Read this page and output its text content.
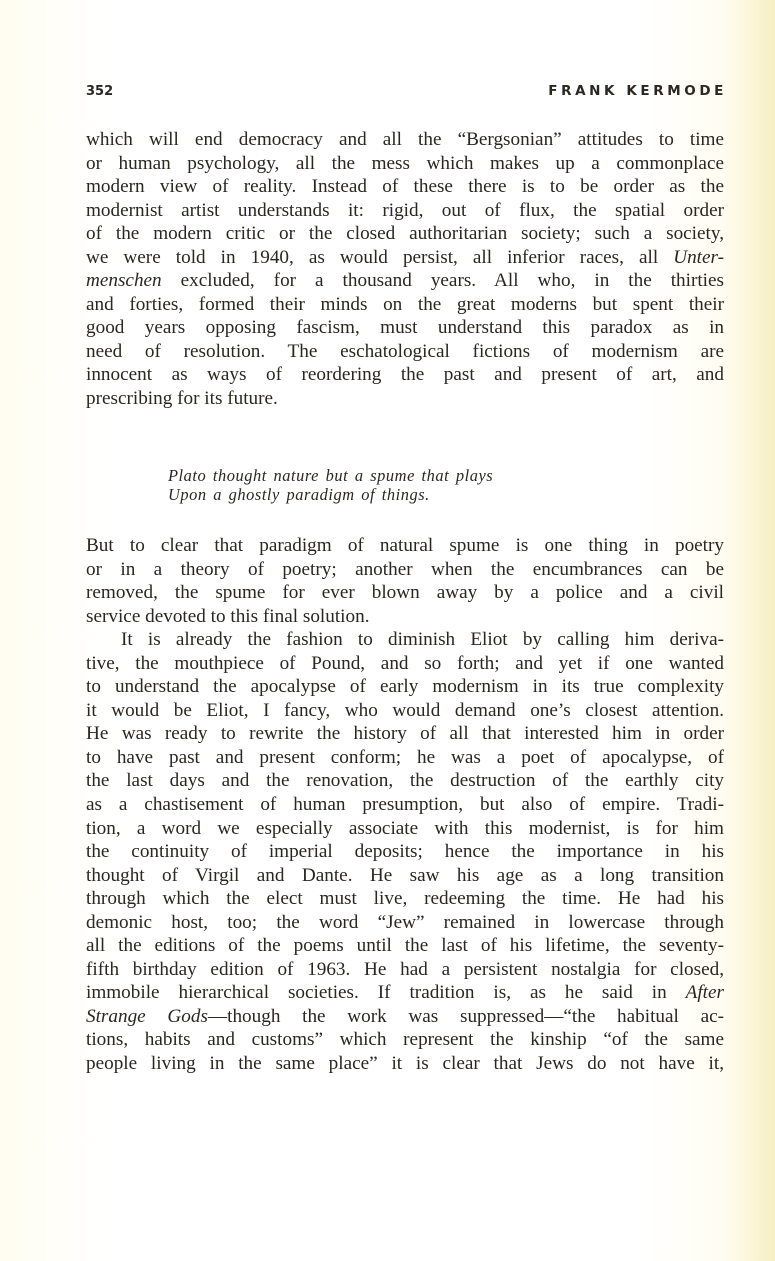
352	FRANK KERMODE
which will end democracy and all the “Bergsonian” attitudes to time
or human psychology, all the mess which makes up a commonplace
modern view of reality. Instead of these there is to be order as the
modernist artist understands it: rigid, out of flux, the spatial order
of the modern critic or the closed authoritarian society; such a society,
we were told in 1940, as would persist, all inferior races, all Unter-
menschen excluded, for a thousand years. All who, in the thirties
and forties, formed their minds on the great moderns but spent their
good years opposing fascism, must understand this paradox as in
need of resolution. The eschatological fictions of modernism are
innocent as ways of reordering the past and present of art, and
prescribing for its future.
Plato thought nature but a spume that plays
Upon a ghostly paradigm of things.
But to clear that paradigm of natural spume is one thing in poetry
or in a theory of poetry; another when the encumbrances can be
removed, the spume for ever blown away by a police and a civil
service devoted to this final solution.
It is already the fashion to diminish Eliot by calling him deriva-
tive, the mouthpiece of Pound, and so forth; and yet if one wanted
to understand the apocalypse of early modernism in its true complexity
it would be Eliot, I fancy, who would demand one’s closest attention.
He was ready to rewrite the history of all that interested him in order
to have past and present conform; he was a poet of apocalypse, of
the last days and the renovation, the destruction of the earthly city
as a chastisement of human presumption, but also of empire. Tradi-
tion, a word we especially associate with this modernist, is for him
the continuity of imperial deposits; hence the importance in his
thought of Virgil and Dante. He saw his age as a long transition
through which the elect must live, redeeming the time. He had his
demonic host, too; the word “Jew” remained in lowercase through
all the editions of the poems until the last of his lifetime, the seventy-
fifth birthday edition of 1963. He had a persistent nostalgia for closed,
immobile hierarchical societies. If tradition is, as he said in After
Strange Gods—though the work was suppressed—“the habitual ac-
tions, habits and customs” which represent the kinship “of the same
people living in the same place” it is clear that Jews do not have it,
